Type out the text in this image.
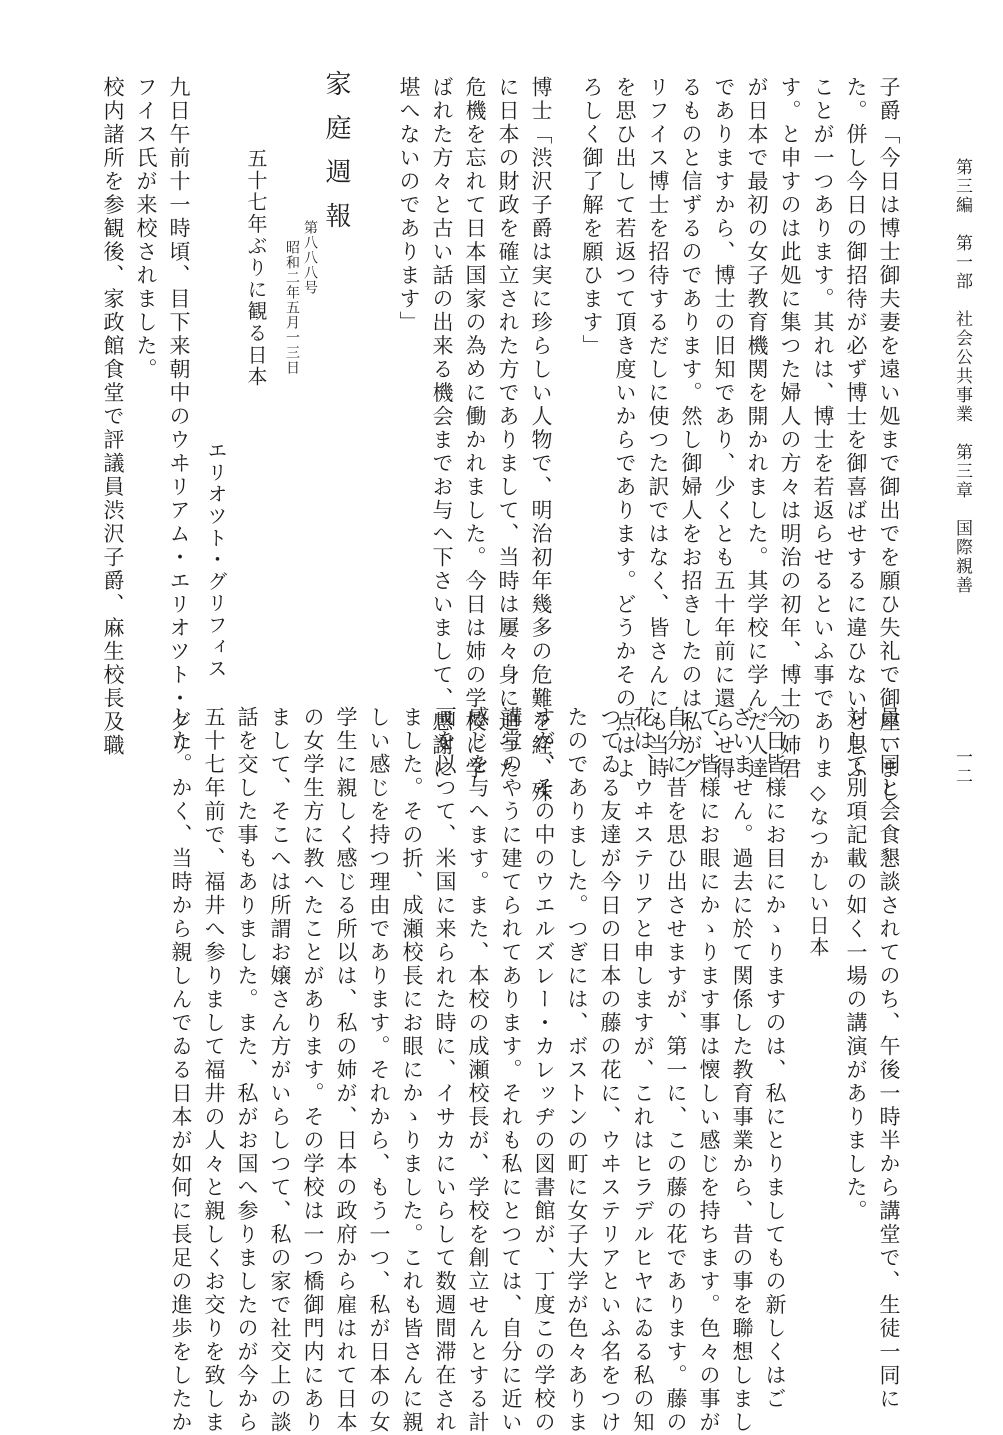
第三編　第一部　社会公共事業　第三章　国際親善
一二
子爵「今日は博士御夫妻を遠い処まで御出でを願ひ失礼で御座いまし
た。併し今日の御招待が必ず博士を御喜ばせするに違ひないと思ふ
ことが一つあります。其れは、博士を若返らせるといふ事でありま
す。と申すのは此処に集つた婦人の方々は明治の初年、博士の姉君
が日本で最初の女子教育機関を開かれました。其学校に学んだ人達
でありますから、博士の旧知であり、少くとも五十年前に還らせ得
るものと信ずるのであります。然し御婦人をお招きしたのは私がグ
リフイス博士を招待するだしに使つた訳ではなく、皆さんにも当時
を思ひ出して若返つて頂き度いからであります。どうかその点はよ
ろしく御了解を願ひます」
博士「渋沢子爵は実に珍らしい人物で、明治初年幾多の危難を経、殊
に日本の財政を確立された方でありまして、当時は屢々身に迫つた
危機を忘れて日本国家の為めに働かれました。今日は姉の学校に学
ばれた方々と古い話の出来る機会までお与へ下さいまして、感謝に
堪へないのであります」
家庭週報
第八八八号
昭和二年五月一三日
五十七年ぶりに観る日本
エリオツト・グリフィス
九日午前十一時頃、目下来朝中のウヰリアム・エリオツト・グリ
フイス氏が来校されました。
校内諸所を参観後、家政館食堂で評議員渋沢子爵、麻生校長及職
員一同と会食懇談されてのち、午後一時半から講堂で、生徒一同に
対して別項記載の如く一場の講演がありました。
◇なつかしい日本
今日皆様にお目にかゝりますのは、私にとりましてもの新しくはご
ざいません。過去に於て関係した教育事業から、昔の事を聯想しまし
て、皆様にお眼にかゝります事は懐しい感じを持ちます。色々の事が
自分に昔を思ひ出させますが、第一に、この藤の花であります。藤の
花は、ウヰステリアと申しますが、これはヒラデルヒヤにゐる私の知
つてゐる友達が今日の日本の藤の花に、ウヰステリアといふ名をつけ
たのでありました。つぎには、ボストンの町に女子大学が色々ありま
すが、その中のウエルズレー・カレッヂの図書館が、丁度この学校の
講堂のやうに建てられてあります。それも私にとつては、自分に近い
感じを与へます。また、本校の成瀬校長が、学校を創立せんとする計
画を以つて、米国に来られた時に、イサカにいらして数週間滞在され
ました。その折、成瀬校長にお眼にかゝりました。これも皆さんに親
しい感じを持つ理由であります。それから、もう一つ、私が日本の女
学生に親しく感じる所以は、私の姉が、日本の政府から雇はれて日本
の女学生方に教へたことがあります。その学校は一つ橋御門内にあり
まして、そこへは所謂お嬢さん方がいらしつて、私の家で社交上の談
話を交した事もありました。また、私がお国へ参りましたのが今から
五十七年前で、福井へ参りまして福井の人々と親しくお交りを致しま
した。かく、当時から親しんでゐる日本が如何に長足の進歩をしたか
